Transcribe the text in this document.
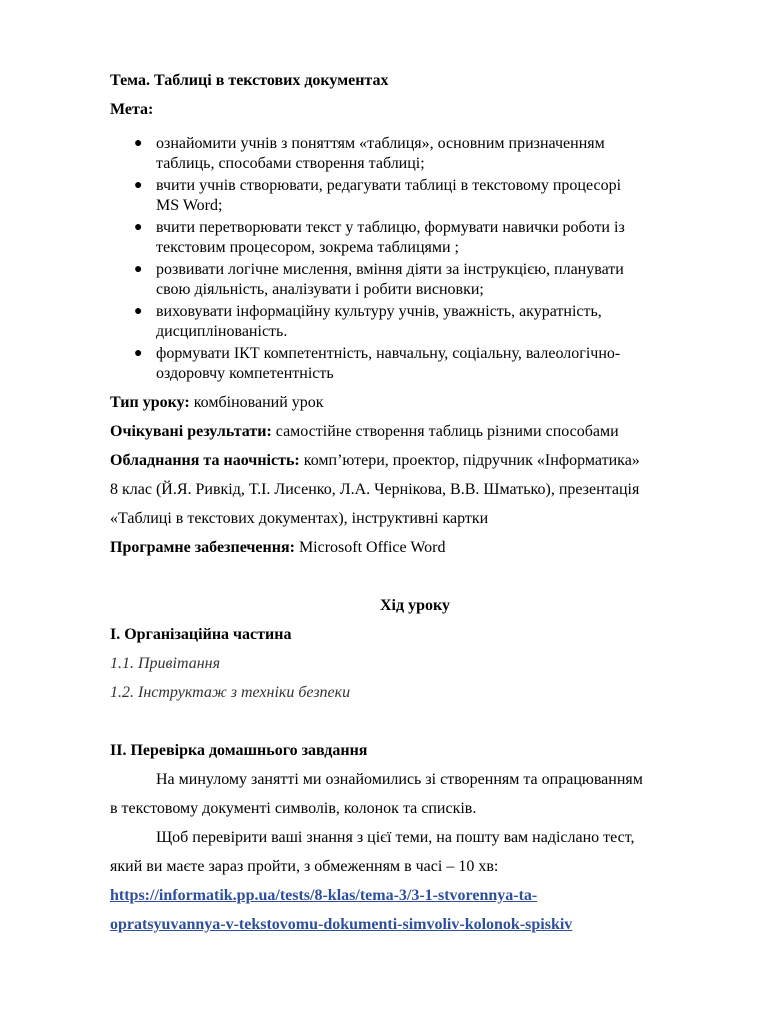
Тема. Таблиці в текстових документах
Мета:
● ознайомити учнів з поняттям «таблиця», основним призначенням
таблиць, способами створення таблиці;
● вчити учнів створювати, редагувати таблиці в текстовому процесорі
MS Word;
● вчити перетворювати текст у таблицю, формувати навички роботи із
текстовим процесором, зокрема таблицями ;
● розвивати логічне мислення, вміння діяти за інструкцією, планувати
свою діяльність, аналізувати і робити висновки;
● виховувати інформаційну культуру учнів, уважність, акуратність,
дисциплінованість.
● формувати ІКТ компетентність, навчальну, соціальну, валеологічно-
оздоровчу компетентність
Тип уроку: комбінований урок
Очікувані результати: самостійне створення таблиць різними способами
Обладнання та наочність: комп’ютери, проектор, підручник «Інформатика»
8 клас (Й.Я. Ривкід, Т.І. Лисенко, Л.А. Чернікова, В.В. Шматько), презентація
«Таблиці в текстових документах), інструктивні картки
Програмне забезпечення: Microsoft Office Word
Хід уроку
І. Організаційна частина
1.1. Привітання
1.2. Інструктаж з техніки безпеки
ІІ. Перевірка домашнього завдання
На минулому занятті ми ознайомились зі створенням та опрацюванням
в текстовому документі символів, колонок та списків.
Щоб перевірити ваші знання з цієї теми, на пошту вам надіслано тест,
який ви маєте зараз пройти, з обмеженням в часі – 10 хв:
https://informatik.pp.ua/tests/8-klas/tema-3/3-1-stvorennya-ta-
opratsyuvannya-v-tekstovomu-dokumenti-simvoliv-kolonok-spiskiv
